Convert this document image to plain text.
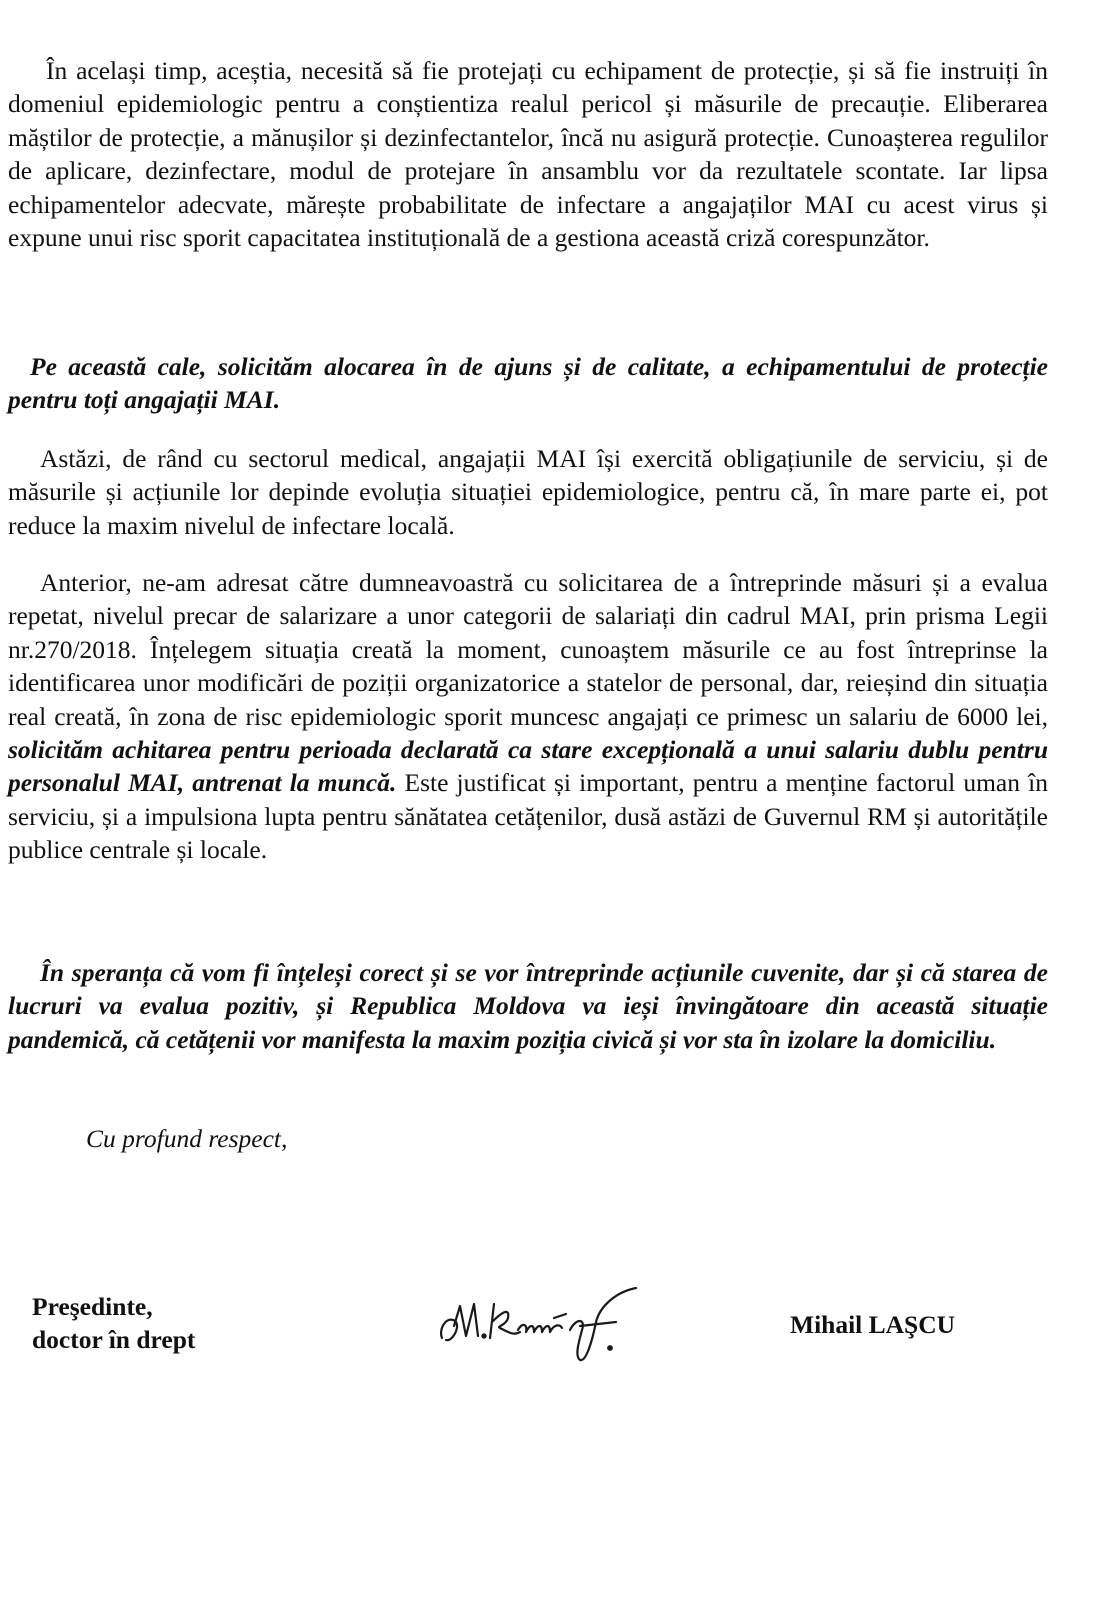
În același timp, aceștia, necesită să fie protejați cu echipament de protecție, și să fie instruiți în domeniul epidemiologic pentru a conștientiza realul pericol și măsurile de precauție. Eliberarea măștilor de protecție, a mănușilor și dezinfectantelor, încă nu asigură protecție. Cunoașterea regulilor de aplicare, dezinfectare, modul de protejare în ansamblu vor da rezultatele scontate. Iar lipsa echipamentelor adecvate, mărește probabilitate de infectare a angajaților MAI cu acest virus și expune unui risc sporit capacitatea instituțională de a gestiona această criză corespunzător.

Pe această cale, solicităm alocarea în de ajuns și de calitate, a echipamentului de protecție pentru toți angajații MAI.

Astăzi, de rând cu sectorul medical, angajații MAI își exercită obligațiunile de serviciu, și de măsurile și acțiunile lor depinde evoluția situației epidemiologice, pentru că, în mare parte ei, pot reduce la maxim nivelul de infectare locală.

Anterior, ne-am adresat către dumneavoastră cu solicitarea de a întreprinde măsuri și a evalua repetat, nivelul precar de salarizare a unor categorii de salariați din cadrul MAI, prin prisma Legii nr.270/2018. Înțelegem situația creată la moment, cunoaștem măsurile ce au fost întreprinse la identificarea unor modificări de poziții organizatorice a statelor de personal, dar, reieșind din situația real creată, în zona de risc epidemiologic sporit muncesc angajați ce primesc un salariu de 6000 lei, solicităm achitarea pentru perioada declarată ca stare excepțională a unui salariu dublu pentru personalul MAI, antrenat la muncă. Este justificat și important, pentru a menține factorul uman în serviciu, și a impulsiona lupta pentru sănătatea cetățenilor, dusă astăzi de Guvernul RM și autoritățile publice centrale și locale.

În speranța că vom fi înțeleși corect și se vor întreprinde acțiunile cuvenite, dar și că starea de lucruri va evalua pozitiv, și Republica Moldova va ieși învingătoare din această situație pandemică, că cetățenii vor manifesta la maxim poziția civică și vor sta în izolare la domiciliu.

Cu profund respect,

Preşedinte,
doctor în drept

Mihail LAŞCU
